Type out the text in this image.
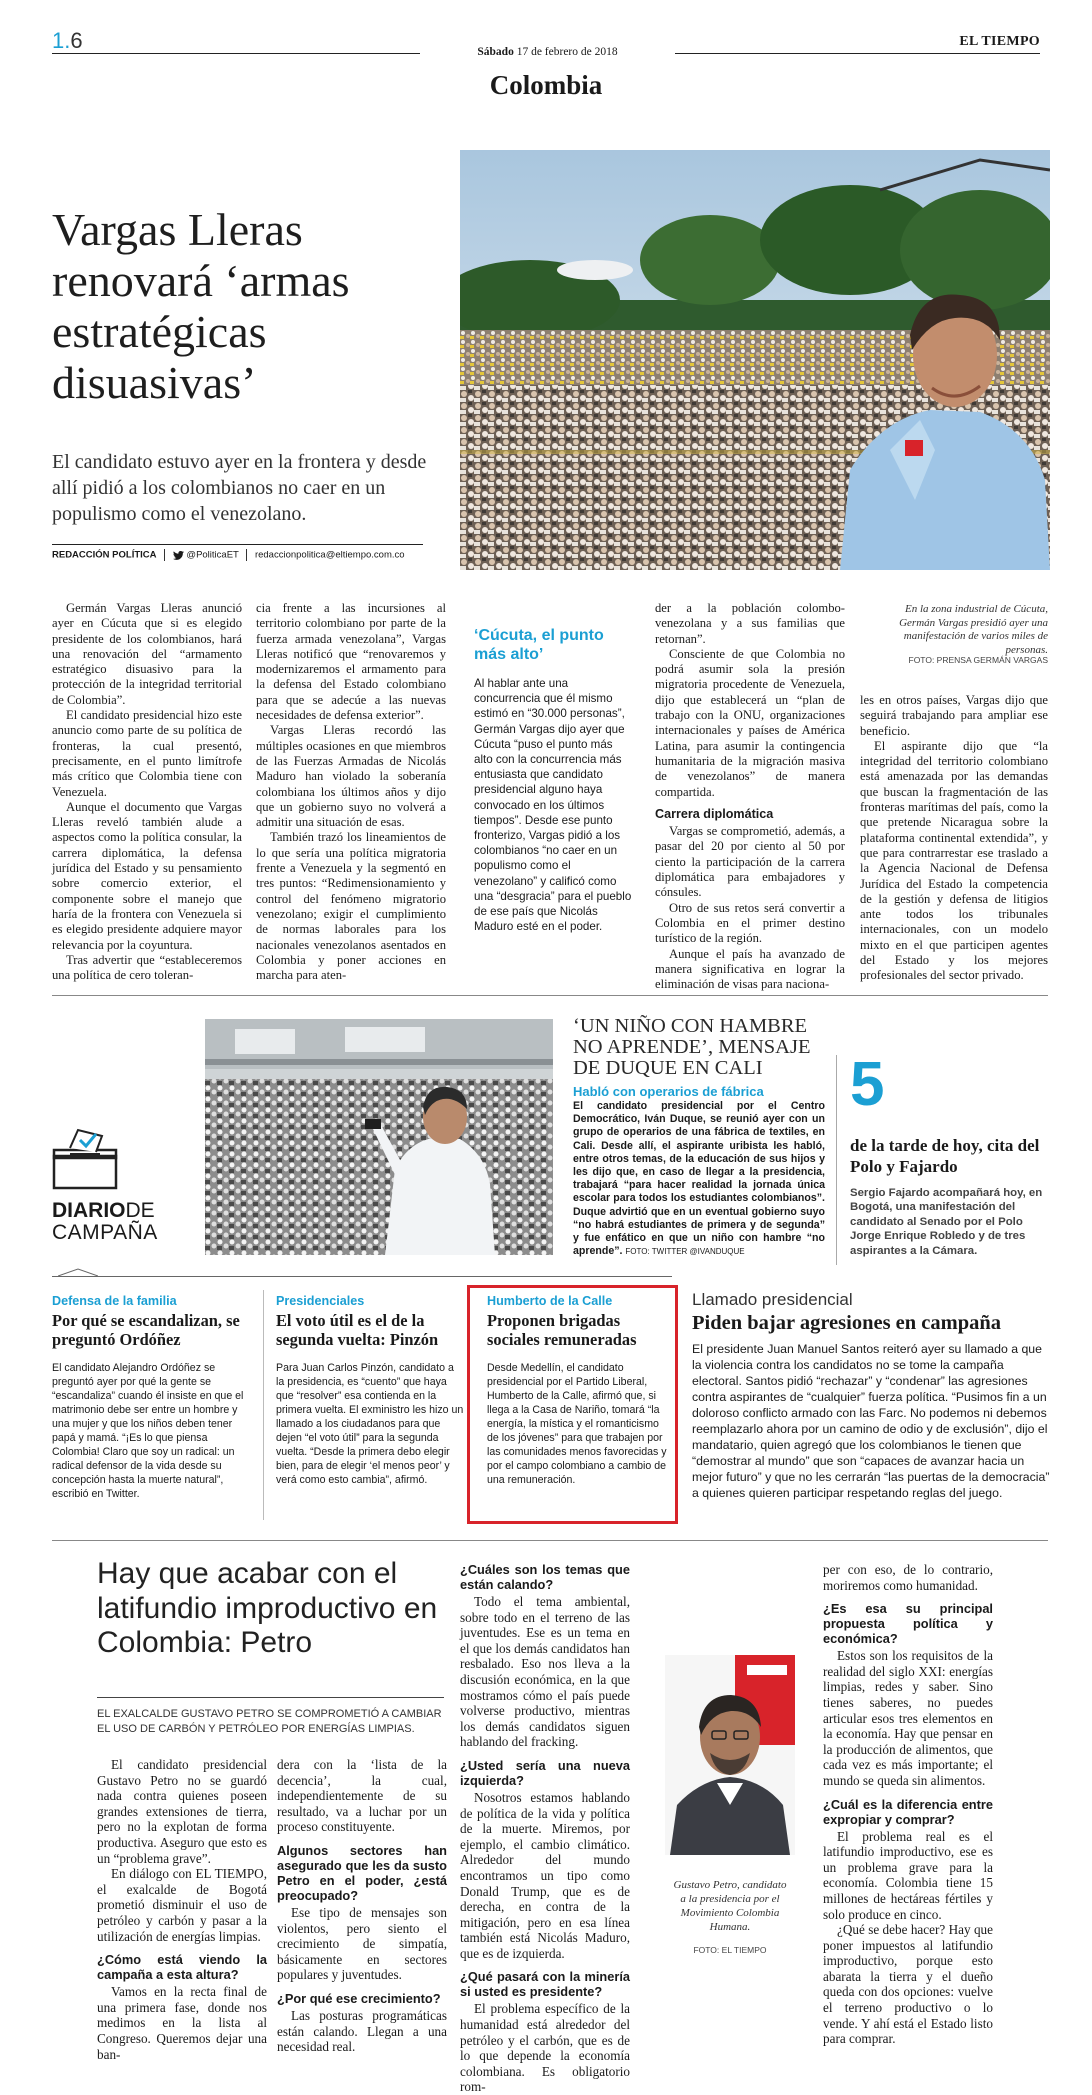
1.6	Sábado 17 de febrero de 2018
EL TIEMPO
Colombia
Vargas Lleras renovará ‘armas estratégicas disuasivas’
El candidato estuvo ayer en la frontera y desde allí pidió a los colombianos no caer en un populismo como el venezolano.
REDACCIÓN POLÍTICA	@PoliticaET redaccionpolitica@eltiempo.com.co
En la zona industrial de Cúcuta, Germán Vargas presidió ayer una manifestación de varios miles de personas.
FOTO: PRENSA GERMÁN VARGAS

Germán Vargas Lleras anunció ayer en Cúcuta que si es elegido presidente de los colombianos, hará una renovación del “armamento estratégico disuasivo para la protección de la integridad territorial de Colombia”.

El candidato presidencial hizo este anuncio como parte de su política de fronteras, la cual presentó, precisamente, en el punto limítrofe más crítico que Colombia tiene con Venezuela.

Aunque el documento que Vargas Lleras reveló también alude a aspectos como la política consular, la carrera diplomática, la defensa jurídica del Estado y su pensamiento sobre comercio exterior, el componente sobre el manejo que haría de la frontera con Venezuela si es elegido presidente adquiere mayor relevancia por la coyuntura.

Tras advertir que “estableceremos una política de cero toleran-

cia frente a las incursiones al territorio colombiano por parte de la fuerza armada venezolana”, Vargas Lleras notificó que “renovaremos y modernizaremos el armamento para la defensa del Estado colombiano para que se adecúe a las nuevas necesidades de defensa exterior”.

Vargas Lleras recordó las múltiples ocasiones en que miembros de las Fuerzas Armadas de Nicolás Maduro han violado la soberanía colombiana los últimos años y dijo que un gobierno suyo no volverá a admitir una situación de esas.

También trazó los lineamientos de lo que sería una política migratoria frente a Venezuela y la segmentó en tres puntos: “Redimensionamiento y control del fenómeno migratorio venezolano; exigir el cumplimiento de normas laborales para los nacionales venezolanos asentados en Colombia y poner acciones en marcha para aten-

‘Cúcuta, el punto más alto’
Al hablar ante una concurrencia que él mismo estimó en “30.000 personas”, Germán Vargas dijo ayer que Cúcuta “puso el punto más alto con la concurrencia más entusiasta que candidato presidencial alguno haya convocado en los últimos tiempos”. Desde ese punto fronterizo, Vargas pidió a los colombianos “no caer en un populismo como el venezolano” y calificó como una “desgracia” para el pueblo de ese país que Nicolás Maduro esté en el poder.

der a la población colombo-venezolana y a sus familias que retornan”.

Consciente de que Colombia no podrá asumir sola la presión migratoria procedente de Venezuela, dijo que establecerá un “plan de trabajo con la ONU, organizaciones internacionales y países de América Latina, para asumir la contingencia humanitaria de la migración masiva de venezolanos” de manera compartida.

Carrera diplomática

Vargas se comprometió, además, a pasar del 20 por ciento al 50 por ciento la participación de la carrera diplomática para embajadores y cónsules.

Otro de sus retos será convertir a Colombia en el primer destino turístico de la región.

Aunque el país ha avanzado de manera significativa en lograr la eliminación de visas para naciona-

les en otros países, Vargas dijo que seguirá trabajando para ampliar ese beneficio.

El aspirante dijo que “la integridad del territorio colombiano está amenazada por las demandas que buscan la fragmentación de las fronteras marítimas del país, como la que pretende Nicaragua sobre la plataforma continental extendida”, y que para contrarrestar ese traslado a la Agencia Nacional de Defensa Jurídica del Estado la competencia de la gestión y defensa de litigios ante todos los tribunales internacionales, con un modelo mixto en el que participen agentes del Estado y los mejores profesionales del sector privado.

DIARIODE
CAMPAÑA
‘UN NIÑO CON HAMBRE NO APRENDE’, MENSAJE DE DUQUE EN CALI
Habló con operarios de fábrica
El candidato presidencial por el Centro Democrático, Iván Duque, se reunió ayer con un grupo de operarios de una fábrica de textiles, en Cali. Desde allí, el aspirante uribista les habló, entre otros temas, de la educación de sus hijos y les dijo que, en caso de llegar a la presidencia, trabajará “para hacer realidad la jornada única escolar para todos los estudiantes colombianos”. Duque advirtió que en un eventual gobierno suyo “no habrá estudiantes de primera y de segunda” y fue enfático en que un niño con hambre “no aprende”. FOTO: TWITTER @IVANDUQUE
5
de la tarde de hoy, cita del Polo y Fajardo
Sergio Fajardo acompañará hoy, en Bogotá, una manifestación del candidato al Senado por el Polo Jorge Enrique Robledo y de tres aspirantes a la Cámara.
Defensa de la familia
Por qué se escandalizan, se preguntó Ordóñez
El candidato Alejandro Ordóñez se preguntó ayer por qué la gente se “escandaliza” cuando él insiste en que el matrimonio debe ser entre un hombre y una mujer y que los niños deben tener papá y mamá. “¡Es lo que piensa Colombia! Claro que soy un radical: un radical defensor de la vida desde su concepción hasta la muerte natural”, escribió en Twitter.
Presidenciales
El voto útil es el de la segunda vuelta: Pinzón
Para Juan Carlos Pinzón, candidato a la presidencia, es “cuento” que haya que “resolver” esa contienda en la primera vuelta. El exministro les hizo un llamado a los ciudadanos para que dejen “el voto útil” para la segunda vuelta. “Desde la primera debo elegir bien, para de elegir ‘el menos peor’ y verá como esto cambia”, afirmó.
Humberto de la Calle
Proponen brigadas sociales remuneradas
Desde Medellín, el candidato presidencial por el Partido Liberal, Humberto de la Calle, afirmó que, si llega a la Casa de Nariño, tomará “la energía, la mística y el romanticismo de los jóvenes” para que trabajen por las comunidades menos favorecidas y por el campo colombiano a cambio de una remuneración.
Llamado presidencial
Piden bajar agresiones en campaña
El presidente Juan Manuel Santos reiteró ayer su llamado a que la violencia contra los candidatos no se tome la campaña electoral. Santos pidió “rechazar” y “condenar” las agresiones contra aspirantes de “cualquier” fuerza política. “Pusimos fin a un doloroso conflicto armado con las Farc. No podemos ni debemos reemplazarlo ahora por un camino de odio y de exclusión”, dijo el mandatario, quien agregó que los colombianos le tienen que “demostrar al mundo” que son “capaces de avanzar hacia un mejor futuro” y que no les cerrarán “las puertas de la democracia” a quienes quieren participar respetando reglas del juego.
Hay que acabar con el latifundio improductivo en Colombia: Petro
EL EXALCALDE GUSTAVO PETRO SE COMPROMETIÓ A CAMBIAR EL USO DE CARBÓN Y PETRÓLEO POR ENERGÍAS LIMPIAS.

El candidato presidencial Gustavo Petro no se guardó nada contra quienes poseen grandes extensiones de tierra, pero no la explotan de forma productiva. Aseguro que esto es un “problema grave”.

En diálogo con EL TIEMPO, el exalcalde de Bogotá prometió disminuir el uso de petróleo y carbón y pasar a la utilización de energías limpias.

¿Cómo está viendo la campaña a esta altura?

Vamos en la recta final de una primera fase, donde nos medimos en la lista al Congreso. Queremos dejar una ban-

dera con la ‘lista de la decencia’, la cual, independientemente de su resultado, va a luchar por un proceso constituyente.

Algunos sectores han asegurado que les da susto Petro en el poder, ¿está preocupado?

Ese tipo de mensajes son violentos, pero siento el crecimiento de simpatía, básicamente en sectores populares y juventudes.

¿Por qué ese crecimiento?

Las posturas programáticas están calando. Llegan a una necesidad real.

¿Cuáles son los temas que están calando?

Todo el tema ambiental, sobre todo en el terreno de las juventudes. Ese es un tema en el que los demás candidatos han resbalado. Eso nos lleva a la discusión económica, en la que mostramos cómo el país puede volverse productivo, mientras los demás candidatos siguen hablando del fracking.

¿Usted sería una nueva izquierda?

Nosotros estamos hablando de política de la vida y política de la muerte. Miremos, por ejemplo, el cambio climático. Alrededor del mundo encontramos un tipo como Donald Trump, que es de derecha, en contra de la mitigación, pero en esa línea también está Nicolás Maduro, que es de izquierda.

¿Qué pasará con la minería si usted es presidente?

El problema específico de la humanidad está alrededor del petróleo y el carbón, que es de lo que depende la economía colombiana. Es obligatorio rom-

Gustavo Petro, candidato a la presidencia por el Movimiento Colombia Humana.
FOTO: EL TIEMPO

per con eso, de lo contrario, moriremos como humanidad.

¿Es esa su principal propuesta política y económica?

Estos son los requisitos de la realidad del siglo XXI: energías limpias, redes y saber. Sino tienes saberes, no puedes articular esos tres elementos en la economía. Hay que pensar en la producción de alimentos, que cada vez es más importante; el mundo se queda sin alimentos.

¿Cuál es la diferencia entre expropiar y comprar?

El problema real es el latifundio improductivo, ese es un problema grave para la economía. Colombia tiene 15 millones de hectáreas fértiles y solo produce en cinco.

¿Qué se debe hacer? Hay que poner impuestos al latifundio improductivo, porque esto abarata la tierra y el dueño queda con dos opciones: vuelve el terreno productivo o lo vende. Y ahí está el Estado listo para comprar.
